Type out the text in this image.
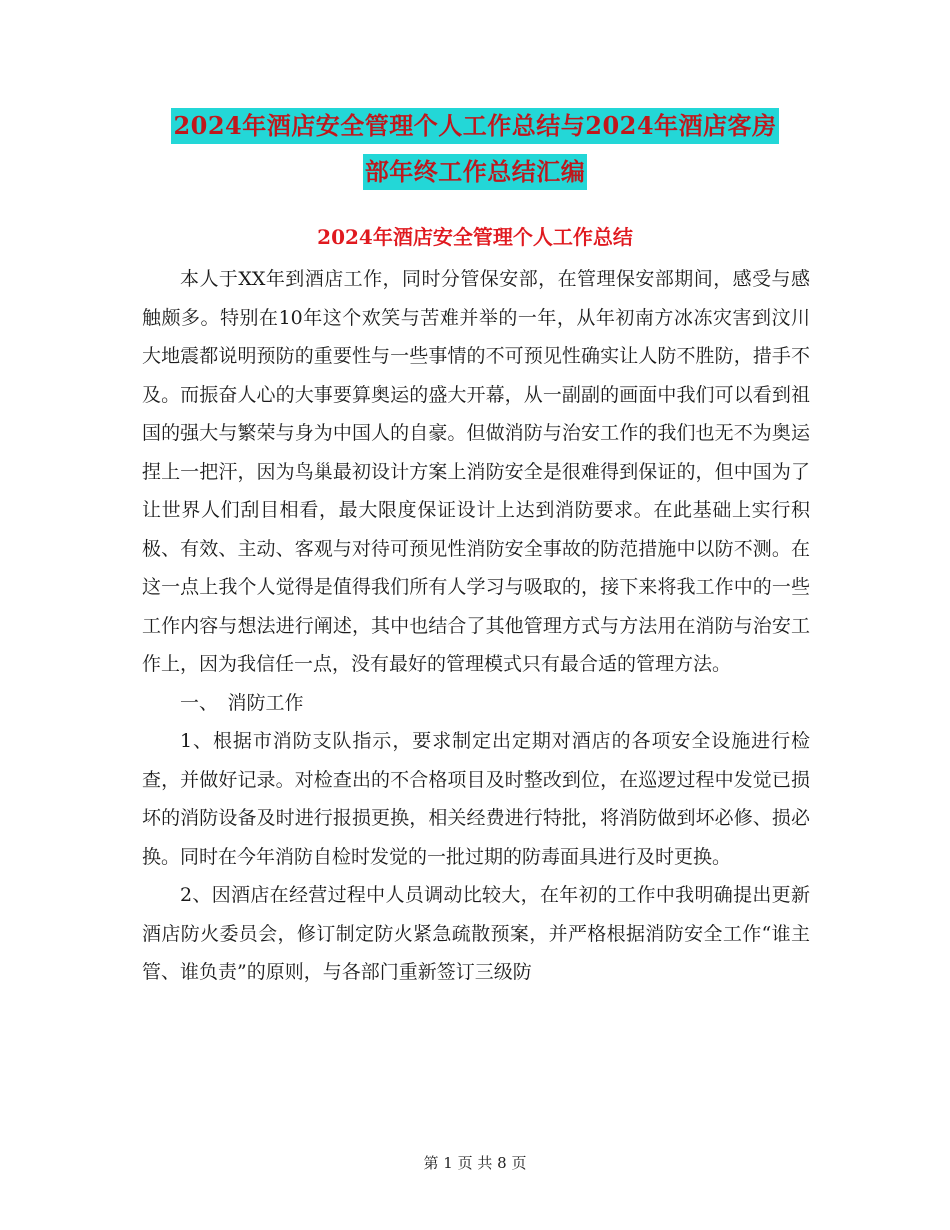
2024年酒店安全管理个人工作总结与2024年酒店客房
部年终工作总结汇编
2024年酒店安全管理个人工作总结

本人于XX年到酒店工作，同时分管保安部，在管理保安部期间，感受与感触颇多。特别在10年这个欢笑与苦难并举的一年，从年初南方冰冻灾害到汶川大地震都说明预防的重要性与一些事情的不可预见性确实让人防不胜防，措手不及。而振奋人心的大事要算奥运的盛大开幕，从一副副的画面中我们可以看到祖国的强大与繁荣与身为中国人的自豪。但做消防与治安工作的我们也无不为奥运捏上一把汗，因为鸟巢最初设计方案上消防安全是很难得到保证的，但中国为了让世界人们刮目相看，最大限度保证设计上达到消防要求。在此基础上实行积极、有效、主动、客观与对待可预见性消防安全事故的防范措施中以防不测。在这一点上我个人觉得是值得我们所有人学习与吸取的，接下来将我工作中的一些工作内容与想法进行阐述，其中也结合了其他管理方式与方法用在消防与治安工作上，因为我信任一点，没有最好的管理模式只有最合适的管理方法。

一、　消防工作

1、根据市消防支队指示，要求制定出定期对酒店的各项安全设施进行检查，并做好记录。对检查出的不合格项目及时整改到位，在巡逻过程中发觉已损坏的消防设备及时进行报损更换，相关经费进行特批，将消防做到坏必修、损必换。同时在今年消防自检时发觉的一批过期的防毒面具进行及时更换。

2、因酒店在经营过程中人员调动比较大，在年初的工作中我明确提出更新酒店防火委员会，修订制定防火紧急疏散预案，并严格根据消防安全工作“谁主管、谁负责”的原则，与各部门重新签订三级防

第 1 页 共 8 页
